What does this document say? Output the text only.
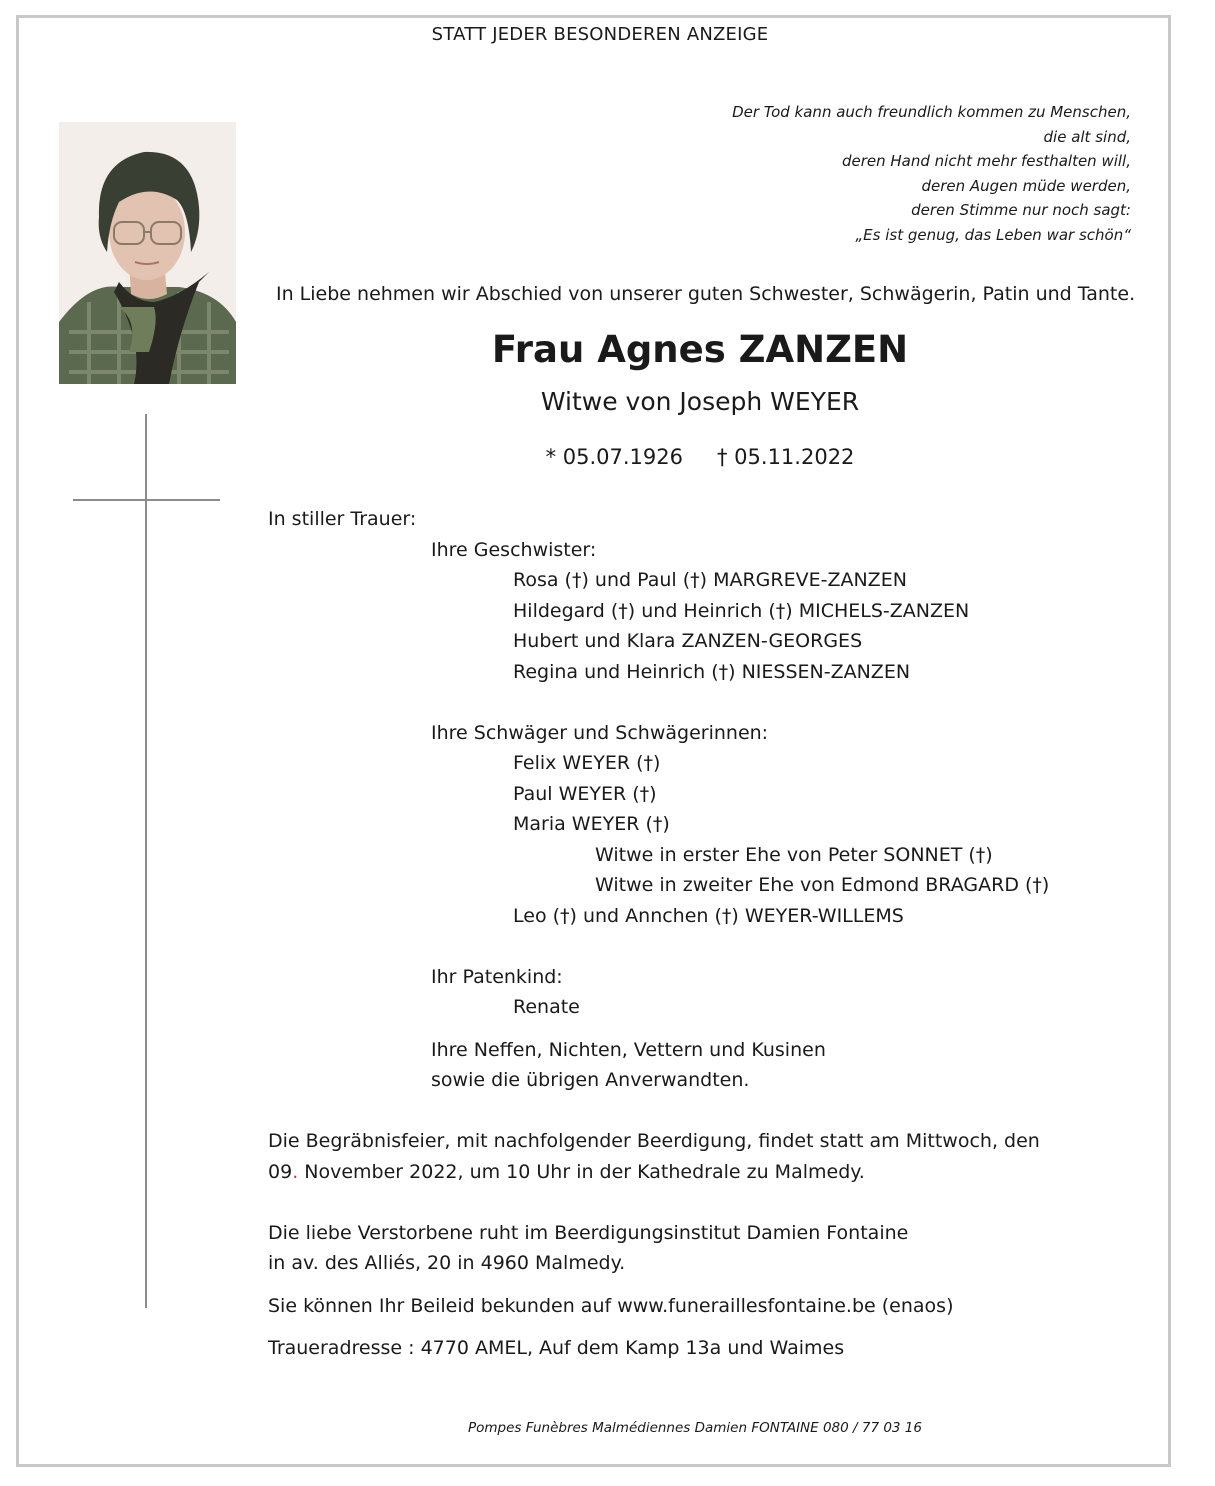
STATT JEDER BESONDEREN ANZEIGE
Der Tod kann auch freundlich kommen zu Menschen,
die alt sind,
deren Hand nicht mehr festhalten will,
deren Augen müde werden,
deren Stimme nur noch sagt:
„Es ist genug, das Leben war schön“
In Liebe nehmen wir Abschied von unserer guten Schwester, Schwägerin, Patin und Tante.
Frau Agnes ZANZEN
Witwe von Joseph WEYER
* 05.07.1926 † 05.11.2022
In stiller Trauer:
Ihre Geschwister:
Rosa (†) und Paul (†) MARGREVE-ZANZEN
Hildegard (†) und Heinrich (†) MICHELS-ZANZEN
Hubert und Klara ZANZEN-GEORGES
Regina und Heinrich (†) NIESSEN-ZANZEN
Ihre Schwäger und Schwägerinnen:
Felix WEYER (†)
Paul WEYER (†)
Maria WEYER (†)
Witwe in erster Ehe von Peter SONNET (†)
Witwe in zweiter Ehe von Edmond BRAGARD (†)
Leo (†) und Annchen (†) WEYER-WILLEMS
Ihr Patenkind:
Renate
Ihre Neffen, Nichten, Vettern und Kusinen
sowie die übrigen Anverwandten.
Die Begräbnisfeier, mit nachfolgender Beerdigung, findet statt am Mittwoch, den
09. November 2022, um 10 Uhr in der Kathedrale zu Malmedy.
Die liebe Verstorbene ruht im Beerdigungsinstitut Damien Fontaine
in av. des Alliés, 20 in 4960 Malmedy.
Sie können Ihr Beileid bekunden auf www.funeraillesfontaine.be (enaos)
Traueradresse : 4770 AMEL, Auf dem Kamp 13a und Waimes
Pompes Funèbres Malmédiennes Damien FONTAINE 080 / 77 03 16
